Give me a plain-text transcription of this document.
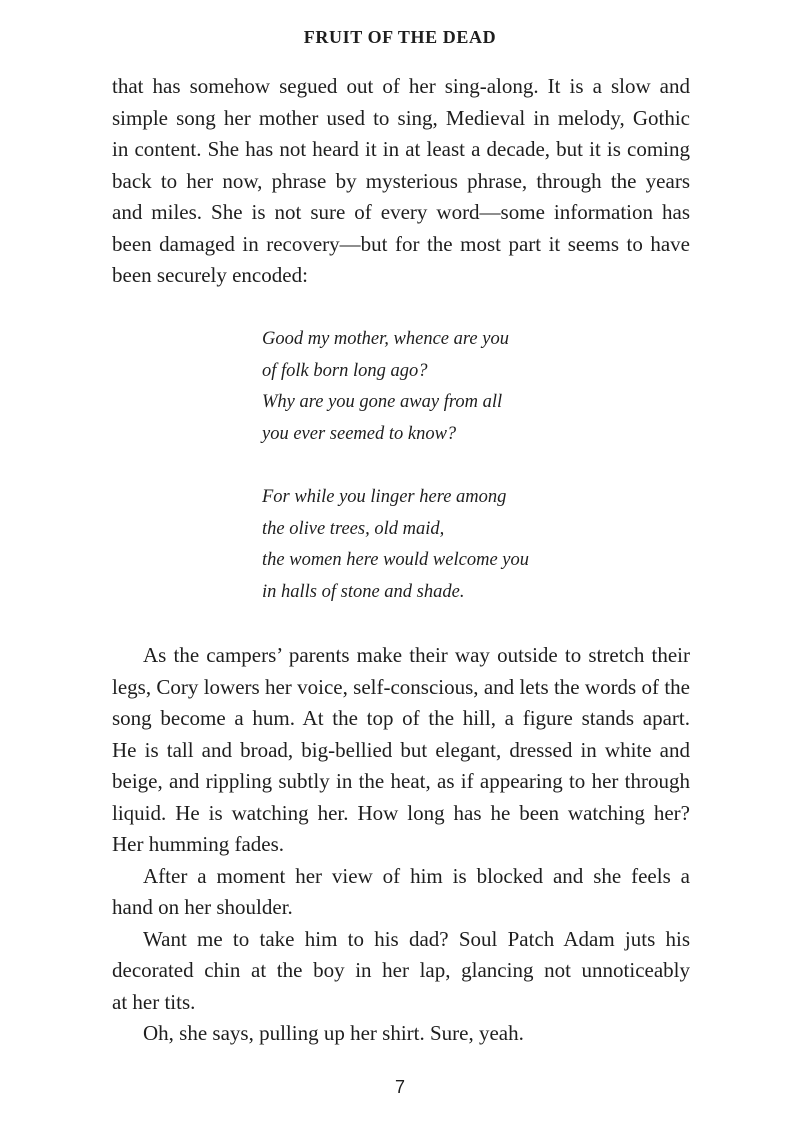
FRUIT OF THE DEAD
that has somehow segued out of her sing-along. It is a slow and
simple song her mother used to sing, Medieval in melody, Gothic
in content. She has not heard it in at least a decade, but it is coming
back to her now, phrase by mysterious phrase, through the years
and miles. She is not sure of every word—some information has
been damaged in recovery—but for the most part it seems to have
been securely encoded:
Good my mother, whence are you
of folk born long ago?
Why are you gone away from all
you ever seemed to know?
For while you linger here among
the olive trees, old maid,
the women here would welcome you
in halls of stone and shade.
As the campers’ parents make their way outside to stretch their
legs, Cory lowers her voice, self-conscious, and lets the words of the
song become a hum. At the top of the hill, a figure stands apart.
He is tall and broad, big-bellied but elegant, dressed in white and
beige, and rippling subtly in the heat, as if appearing to her through
liquid. He is watching her. How long has he been watching her?
Her humming fades.
After a moment her view of him is blocked and she feels a
hand on her shoulder.
Want me to take him to his dad? Soul Patch Adam juts his
decorated chin at the boy in her lap, glancing not unnoticeably
at her tits.
Oh, she says, pulling up her shirt. Sure, yeah.
7
